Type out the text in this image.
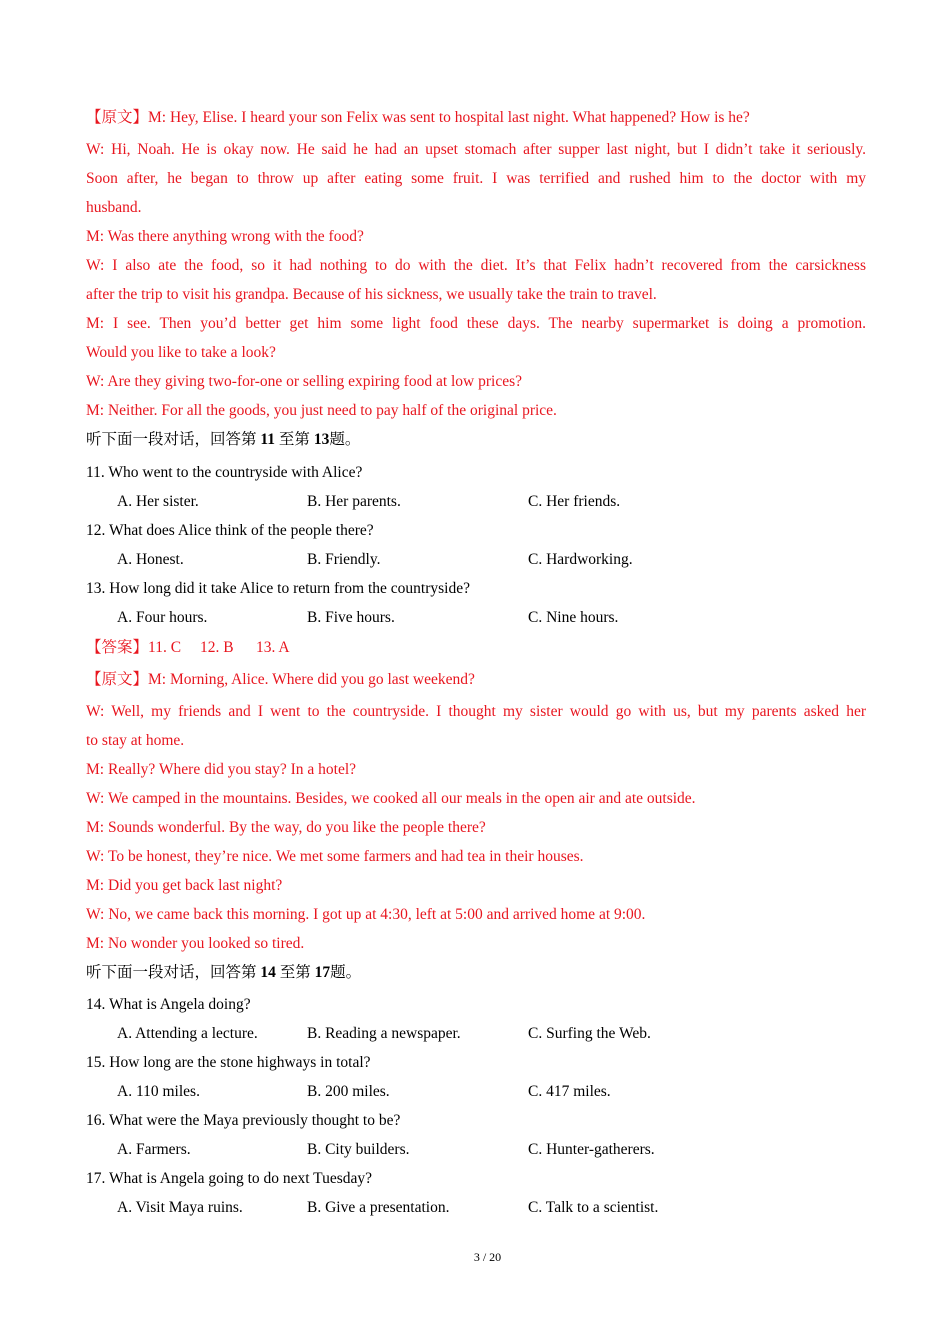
【原文】M: Hey, Elise. I heard your son Felix was sent to hospital last night. What happened? How is he?
W: Hi, Noah. He is okay now. He said he had an upset stomach after supper last night, but I didn’t take it seriously.
Soon after, he began to throw up after eating some fruit. I was terrified and rushed him to the doctor with my
husband.
M: Was there anything wrong with the food?
W: I also ate the food, so it had nothing to do with the diet. It’s that Felix hadn’t recovered from the carsickness
after the trip to visit his grandpa. Because of his sickness, we usually take the train to travel.
M: I see. Then you’d better get him some light food these days. The nearby supermarket is doing a promotion.
Would you like to take a look?
W: Are they giving two-for-one or selling expiring food at low prices?
M: Neither. For all the goods, you just need to pay half of the original price.
听下面一段对话，回答第 11 至第 13题。
11. Who went to the countryside with Alice?
A. Her sister.	B. Her parents.	C. Her friends.
12. What does Alice think of the people there?
A. Honest.	B. Friendly.	C. Hardworking.
13. How long did it take Alice to return from the countryside?
A. Four hours.	B. Five hours.	C. Nine hours.
【答案】11. C 12. B 13. A
【原文】M: Morning, Alice. Where did you go last weekend?
W: Well, my friends and I went to the countryside. I thought my sister would go with us, but my parents asked her
to stay at home.
M: Really? Where did you stay? In a hotel?
W: We camped in the mountains. Besides, we cooked all our meals in the open air and ate outside.
M: Sounds wonderful. By the way, do you like the people there?
W: To be honest, they’re nice. We met some farmers and had tea in their houses.
M: Did you get back last night?
W: No, we came back this morning. I got up at 4:30, left at 5:00 and arrived home at 9:00.
M: No wonder you looked so tired.
听下面一段对话，回答第 14 至第 17题。
14. What is Angela doing?
A. Attending a lecture.	B. Reading a newspaper.	C. Surfing the Web.
15. How long are the stone highways in total?
A. 110 miles.	B. 200 miles.	C. 417 miles.
16. What were the Maya previously thought to be?
A. Farmers.	B. City builders.	C. Hunter-gatherers.
17. What is Angela going to do next Tuesday?
A. Visit Maya ruins.	B. Give a presentation.	C. Talk to a scientist.
3 / 20
